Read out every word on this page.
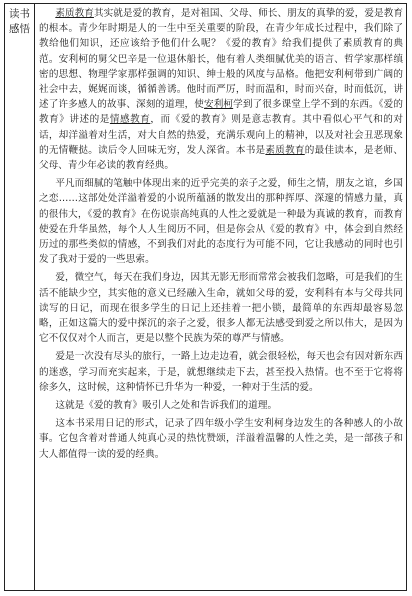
读书
感悟

素质教育其实就是爱的教育，是对祖国、父母、师长、朋友的真挚的爱，爱是教育的根本。青少年时期是人的一生中至关重要的阶段，在青少年成长过程中，我们除了教给他们知识，还应该给予他们什么呢？《爱的教育》给我们提供了素质教育的典范。安利柯的舅父巴辛是一位退休船长，他有着人类细腻优美的语言、哲学家那样缜密的思想、物理学家那样强调的知识、绅士般的风度与品格。他把安利柯带到广阔的社会中去，娓娓而谈，循循善诱。他时而严厉，时而温和，时而兴奋，时而低沉，讲述了许多感人的故事、深刻的道理，使安利柯学到了很多课堂上学不到的东西。《爱的教育》讲述的是情感教育，而《爱的教育》则是意志教育。其中看似心平气和的对话，却洋溢着对生活，对大自然的热爱，充满乐观向上的精神，以及对社会丑恶现象的无情鞭挞。读后令人回味无穷，发人深省。本书是素质教育的最佳读本，是老师、父母、青少年必读的教育经典。

平凡而细腻的笔触中体现出来的近乎完美的亲子之爱，师生之情，朋友之谊，乡国之恋……这部处处洋溢着爱的小说所蕴涵的散发出的那种挥厚、深邃的情感力量，真的很伟大，《爱的教育》在伤说崇高纯真的人性之爱就是一种最为真诚的教育，而教育使爱在升华虽然，每个人人生阅历不同，但是你会从《爱的教育》中，体会到自然经历过的那些类似的情感，不到我们对此的态度行为可能不同，它让我感动的同时也引发了我对于爱的一些思索。

爱，微空气，每天在我们身边，因其无影无形而常常会被我们忽略，可是我们的生活不能缺少空，其实他的意义已经融入生命，就如父母的爱，安利科有本与父母共同读写的日记，而现在很多学生的日记上还挂着一把小锁，最简单的东西却最容易忽略，正如这篇大的爱中探沉的亲子之爱，很多人都无法感受到爱之所以伟大，是因为它不仅仅对个人而言，更是以整个民族为荣的尊严与情感。

爱是一次没有尽头的旅行，一路上边走边看，就会很轻松，每天也会有因对新东西的迷惑，学习而充实起来，于是，就想继续走下去，甚至投入热情。也不至于它将将徐多久，这时候，这种情怀已升华为一种爱，一种对于生活的爱。

这就是《爱的教育》吸引人之处和告诉我们的道理。

这本书采用日记的形式，记录了四年级小学生安利柯身边发生的各种感人的小故事。它包含着对普通人纯真心灵的热忱赞颂，洋溢着温馨的人性之美，是一部孩子和大人都值得一读的爱的经典。
